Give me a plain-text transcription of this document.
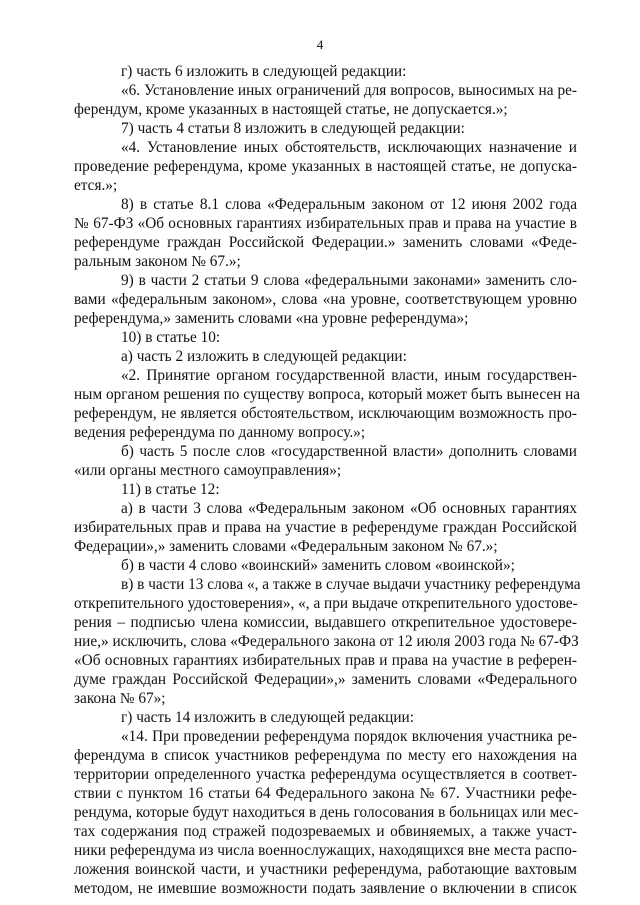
4
г) часть 6 изложить в следующей редакции:
«6. Установление иных ограничений для вопросов, выносимых на ре-
ферендум, кроме указанных в настоящей статье, не допускается.»;
7) часть 4 статьи 8 изложить в следующей редакции:
«4. Установление иных обстоятельств, исключающих назначение и
проведение референдума, кроме указанных в настоящей статье, не допуска-
ется.»;
8) в статье 8.1 слова «Федеральным законом от 12 июня 2002 года
№ 67-ФЗ «Об основных гарантиях избирательных прав и права на участие в
референдуме граждан Российской Федерации.» заменить словами «Феде-
ральным законом № 67.»;
9) в части 2 статьи 9 слова «федеральными законами» заменить сло-
вами «федеральным законом», слова «на уровне, соответствующем уровню
референдума,» заменить словами «на уровне референдума»;
10) в статье 10:
а) часть 2 изложить в следующей редакции:
«2. Принятие органом государственной власти, иным государствен-
ным органом решения по существу вопроса, который может быть вынесен на
референдум, не является обстоятельством, исключающим возможность про-
ведения референдума по данному вопросу.»;
б) часть 5 после слов «государственной власти» дополнить словами
«или органы местного самоуправления»;
11) в статье 12:
а) в части 3 слова «Федеральным законом «Об основных гарантиях
избирательных прав и права на участие в референдуме граждан Российской
Федерации»,» заменить словами «Федеральным законом № 67.»;
б) в части 4 слово «воинский» заменить словом «воинской»;
в) в части 13 слова «, а также в случае выдачи участнику референдума
открепительного удостоверения», «, а при выдаче открепительного удостове-
рения – подписью члена комиссии, выдавшего открепительное удостовере-
ние,» исключить, слова «Федерального закона от 12 июля 2003 года № 67-ФЗ
«Об основных гарантиях избирательных прав и права на участие в референ-
думе граждан Российской Федерации»,» заменить словами «Федерального
закона № 67»;
г) часть 14 изложить в следующей редакции:
«14. При проведении референдума порядок включения участника ре-
ферендума в список участников референдума по месту его нахождения на
территории определенного участка референдума осуществляется в соответ-
ствии с пунктом 16 статьи 64 Федерального закона № 67. Участники рефе-
рендума, которые будут находиться в день голосования в больницах или мес-
тах содержания под стражей подозреваемых и обвиняемых, а также участ-
ники референдума из числа военнослужащих, находящихся вне места распо-
ложения воинской части, и участники референдума, работающие вахтовым
методом, не имевшие возможности подать заявление о включении в список
